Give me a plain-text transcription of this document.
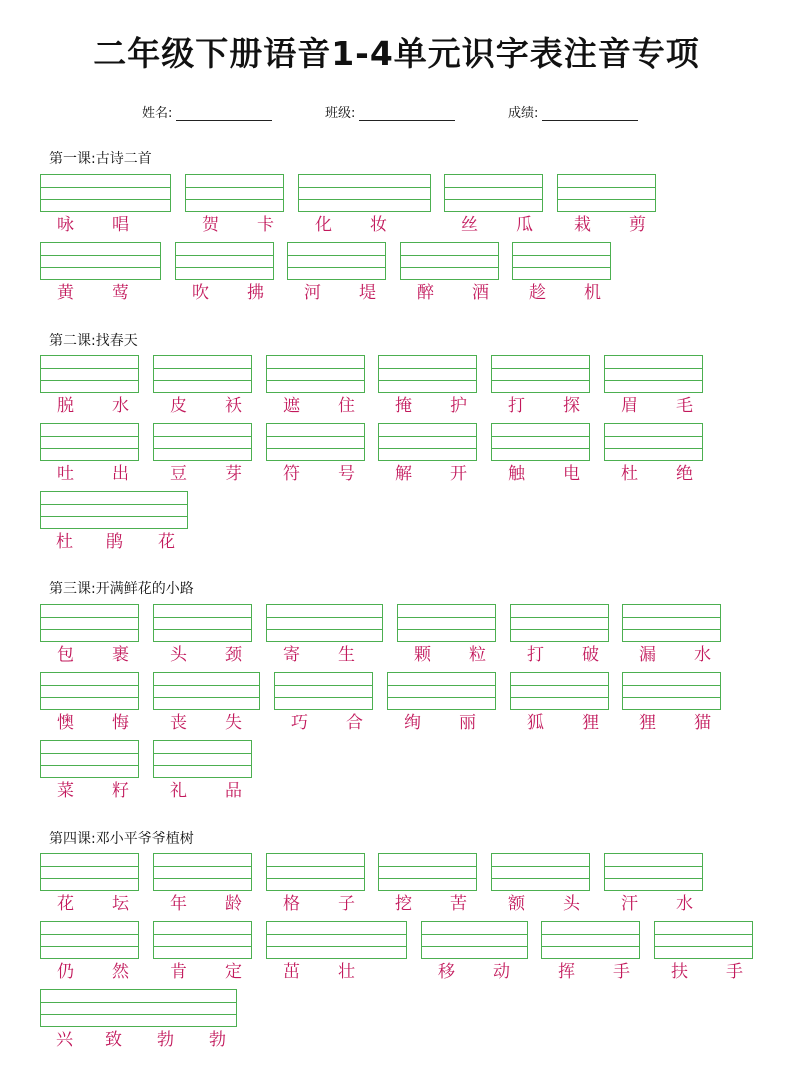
二年级下册语音1-4单元识字表注音专项
姓名:	班级:	成绩:
第一课:古诗二首
咏 唱	贺 卡 化 妆	丝 瓜 栽 剪
黄 莺	吹 拂 河 堤 醉 酒 趁 机
第二课:找春天
脱 水 皮 袄 遮 住 掩 护 打 探 眉 毛
吐 出 豆 芽 符 号 解 开 触 电 杜 绝
杜 鹃 花
第三课:开满鲜花的小路
包 裹 头 颈 寄 生	颗 粒 打 破 漏 水
懊 悔 丧 失	巧 合 绚 丽	狐 狸 狸 猫
菜 籽 礼 品
第四课:邓小平爷爷植树
花 坛 年 龄 格 子 挖 苦 额 头 汗 水
仍 然 肯 定 茁 壮	移 动	挥 手 扶 手
兴 致 勃 勃
